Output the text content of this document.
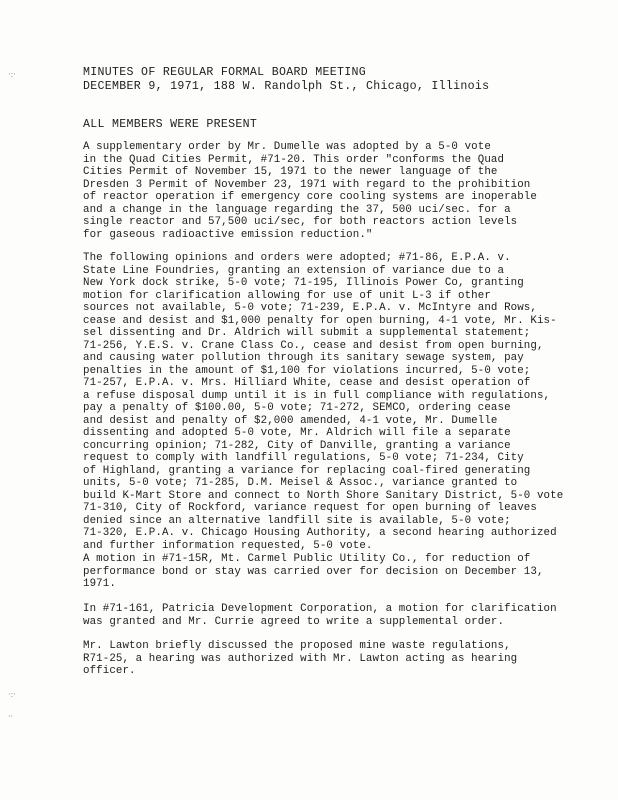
·:·
·:·
··
MINUTES OF REGULAR FORMAL BOARD MEETING
DECEMBER 9, 1971, 188 W. Randolph St., Chicago, Illinois
ALL MEMBERS WERE PRESENT
A supplementary order by Mr. Dumelle was adopted by a 5-0 vote
in the Quad Cities Permit, #71-20. This order "conforms the Quad
Cities Permit of November 15, 1971 to the newer language of the
Dresden 3 Permit of November 23, 1971 with regard to the prohibition
of reactor operation if emergency core cooling systems are inoperable
and a change in the language regarding the 37, 500 uci/sec. for a
single reactor and 57,500 uci/sec, for both reactors action levels
for gaseous radioactive emission reduction."
The following opinions and orders were adopted; #71-86, E.P.A. v.
State Line Foundries, granting an extension of variance due to a
New York dock strike, 5-0 vote; 71-195, Illinois Power Co, granting
motion for clarification allowing for use of unit L-3 if other
sources not available, 5-0 vote; 71-239, E.P.A. v. McIntyre and Rows,
cease and desist and $1,000 penalty for open burning, 4-1 vote, Mr. Kis-
sel dissenting and Dr. Aldrich will submit a supplemental statement;
71-256, Y.E.S. v. Crane Class Co., cease and desist from open burning,
and causing water pollution through its sanitary sewage system, pay
penalties in the amount of $1,100 for violations incurred, 5-0 vote;
71-257, E.P.A. v. Mrs. Hilliard White, cease and desist operation of
a refuse disposal dump until it is in full compliance with regulations,
pay a penalty of $100.00, 5-0 vote; 71-272, SEMCO, ordering cease
and desist and penalty of $2,000 amended, 4-1 vote, Mr. Dumelle
dissenting and adopted 5-0 vote, Mr. Aldrich will file a separate
concurring opinion; 71-282, City of Danville, granting a variance
request to comply with landfill regulations, 5-0 vote; 71-234, City
of Highland, granting a variance for replacing coal-fired generating
units, 5-0 vote; 71-285, D.M. Meisel & Assoc., variance granted to
build K-Mart Store and connect to North Shore Sanitary District, 5-0 vote
71-310, City of Rockford, variance request for open burning of leaves
denied since an alternative landfill site is available, 5-0 vote;
71-320, E.P.A. v. Chicago Housing Authority, a second hearing authorized
and further information requested, 5-0 vote.
A motion in #71-15R, Mt. Carmel Public Utility Co., for reduction of
performance bond or stay was carried over for decision on December 13,
1971.
In #71-161, Patricia Development Corporation, a motion for clarification
was granted and Mr. Currie agreed to write a supplemental order.
Mr. Lawton briefly discussed the proposed mine waste regulations,
R71-25, a hearing was authorized with Mr. Lawton acting as hearing
officer.
